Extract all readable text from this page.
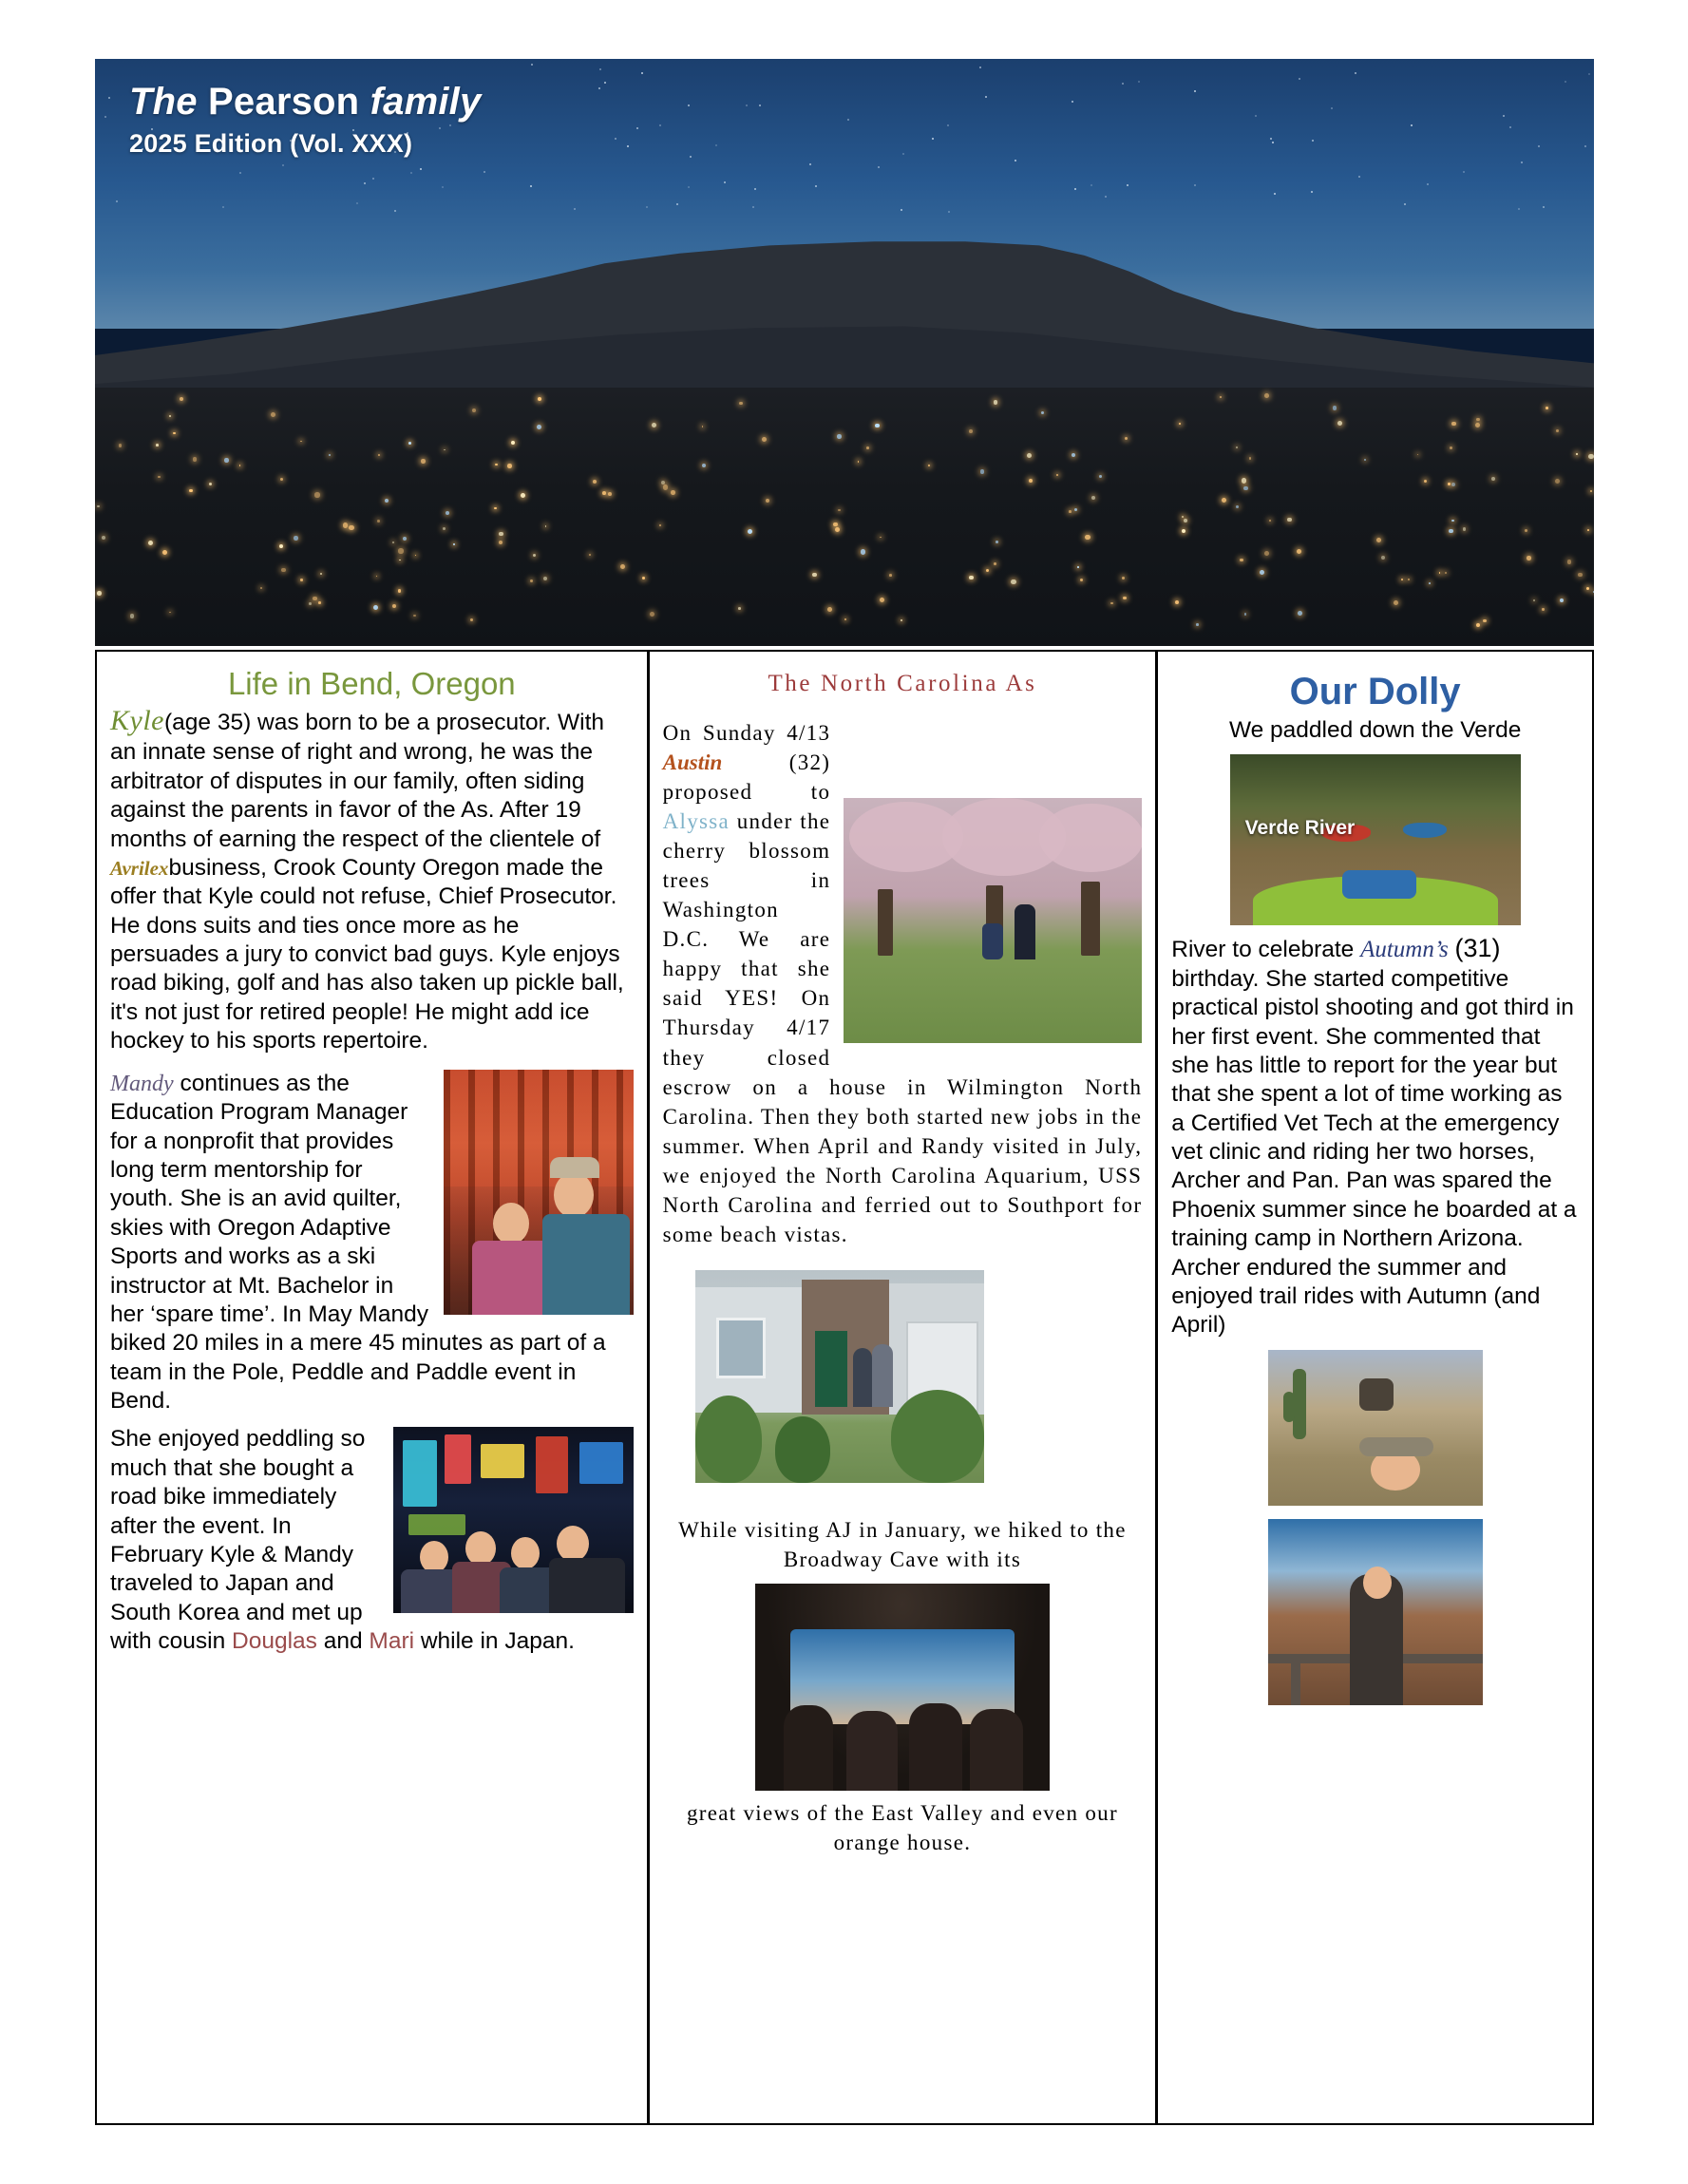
The Pearson family

2025 Edition (Vol. XXX)

Life in Bend, Oregon

Kyle(age 35) was born to be a prosecutor. With an innate sense of right and wrong, he was the arbitrator of disputes in our family, often siding against the parents in favor of the As. After 19 months of earning the respect of the clientele of Avrilexbusiness, Crook County Oregon made the offer that Kyle could not refuse, Chief Prosecutor. He dons suits and ties once more as he persuades a jury to convict bad guys. Kyle enjoys road biking, golf and has also taken up pickle ball, it's not just for retired people! He might add ice hockey to his sports repertoire.

Mandy continues as the Education Program Manager for a nonprofit that provides long term mentorship for youth. She is an avid quilter, skies with Oregon Adaptive Sports and works as a ski instructor at Mt. Bachelor in her ‘spare time’. In May Mandy biked 20 miles in a mere 45 minutes as part of a team in the Pole, Peddle and Paddle event in Bend.

She enjoyed peddling so much that she bought a road bike immediately after the event. In February Kyle & Mandy traveled to Japan and South Korea and met up with cousin Douglas and Mari while in Japan.

The North Carolina As

On Sunday 4/13 Austin (32) proposed to Alyssa under the cherry blossom trees in Washington D.C. We are happy that she said YES! On Thursday 4/17 they closed escrow on a house in Wilmington North Carolina. Then they both started new jobs in the summer. When April and Randy visited in July, we enjoyed the North Carolina Aquarium, USS North Carolina and ferried out to Southport for some beach vistas.

While visiting AJ in January, we hiked to the Broadway Cave with its

great views of the East Valley and even our orange house.

Our Dolly

We paddled down the Verde

Verde River

River to celebrate Autumn’s (31) birthday. She started competitive practical pistol shooting and got third in her first event. She commented that she has little to report for the year but that she spent a lot of time working as a Certified Vet Tech at the emergency vet clinic and riding her two horses, Archer and Pan. Pan was spared the Phoenix summer since he boarded at a training camp in Northern Arizona. Archer endured the summer and enjoyed trail rides with Autumn (and April)
